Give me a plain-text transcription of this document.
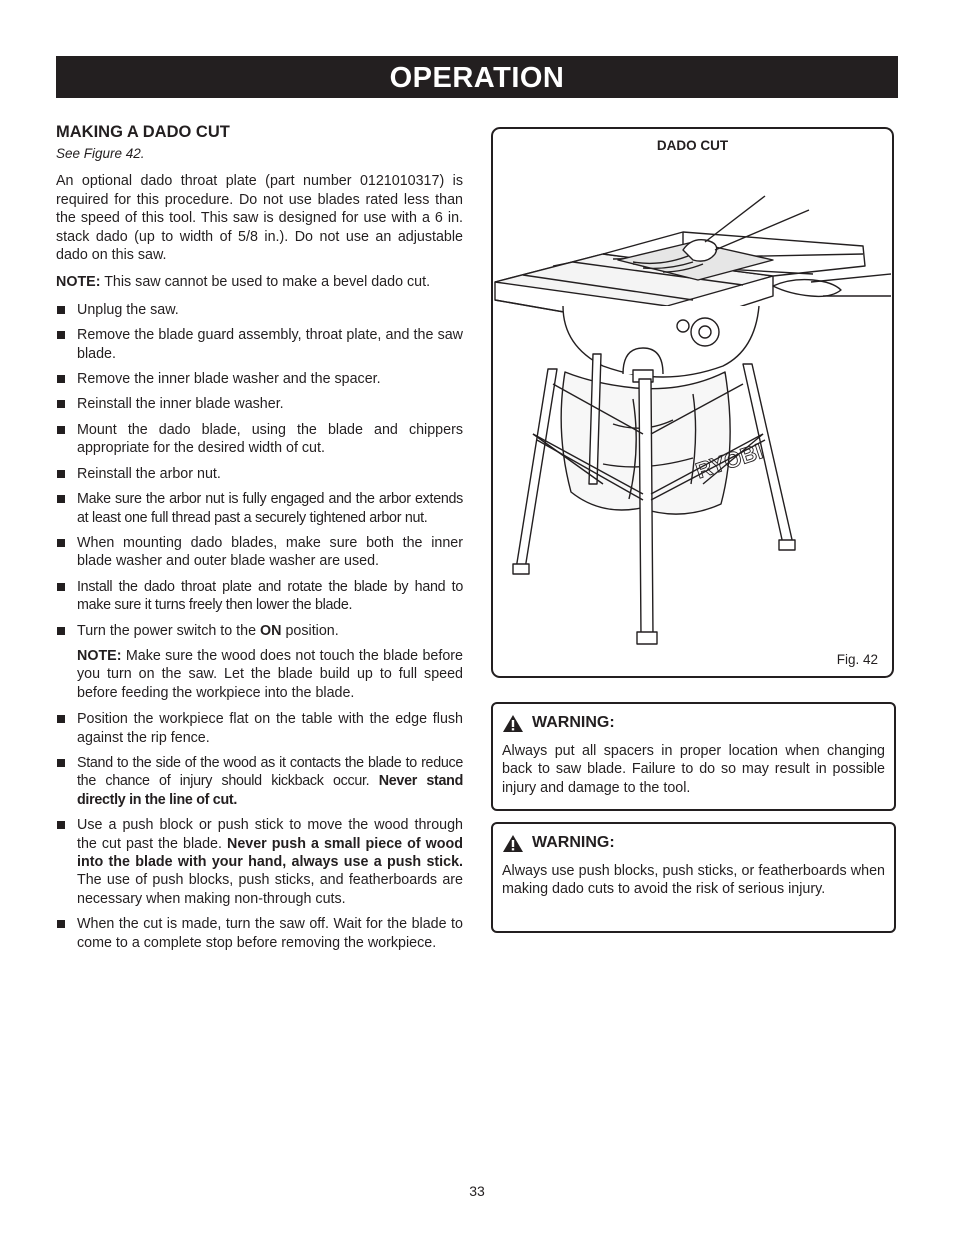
OPERATION
MAKING A DADO CUT
See Figure 42.

An optional dado throat plate (part number 0121010317) is required for this procedure. Do not use blades rated less than the speed of this tool. This saw is designed for use with a 6 in. stack dado (up to width of 5/8 in.). Do not use an adjustable dado on this saw.

NOTE: This saw cannot be used to make a bevel dado cut.

Unplug the saw.
Remove the blade guard assembly, throat plate, and the saw blade.
Remove the inner blade washer and the spacer.
Reinstall the inner blade washer.
Mount the dado blade, using the blade and chippers appropriate for the desired width of cut.
Reinstall the arbor nut.
Make sure the arbor nut is fully engaged and the arbor extends at least one full thread past a securely tightened arbor nut.
When mounting dado blades, make sure both the inner blade washer and outer blade washer are used.
Install the dado throat plate and rotate the blade by hand to make sure it turns freely then lower the blade.
Turn the power switch to the ON position.

NOTE: Make sure the wood does not touch the blade before you turn on the saw. Let the blade build up to full speed before feeding the workpiece into the blade.

Position the workpiece flat on the table with the edge flush against the rip fence.
Stand to the side of the wood as it contacts the blade to reduce the chance of injury should kickback occur. Never stand directly in the line of cut.
Use a push block or push stick to move the wood through the cut past the blade. Never push a small piece of wood into the blade with your hand, always use a push stick. The use of push blocks, push sticks, and featherboards are necessary when making non-through cuts.
When the cut is made, turn the saw off. Wait for the blade to come to a complete stop before removing the workpiece.
DADO CUT
RYOBI
Fig. 42
WARNING:
Always put all spacers in proper location when changing back to saw blade. Failure to do so may result in possible injury and damage to the tool.
WARNING:
Always use push blocks, push sticks, or featherboards when making dado cuts to avoid the risk of serious injury.
33
